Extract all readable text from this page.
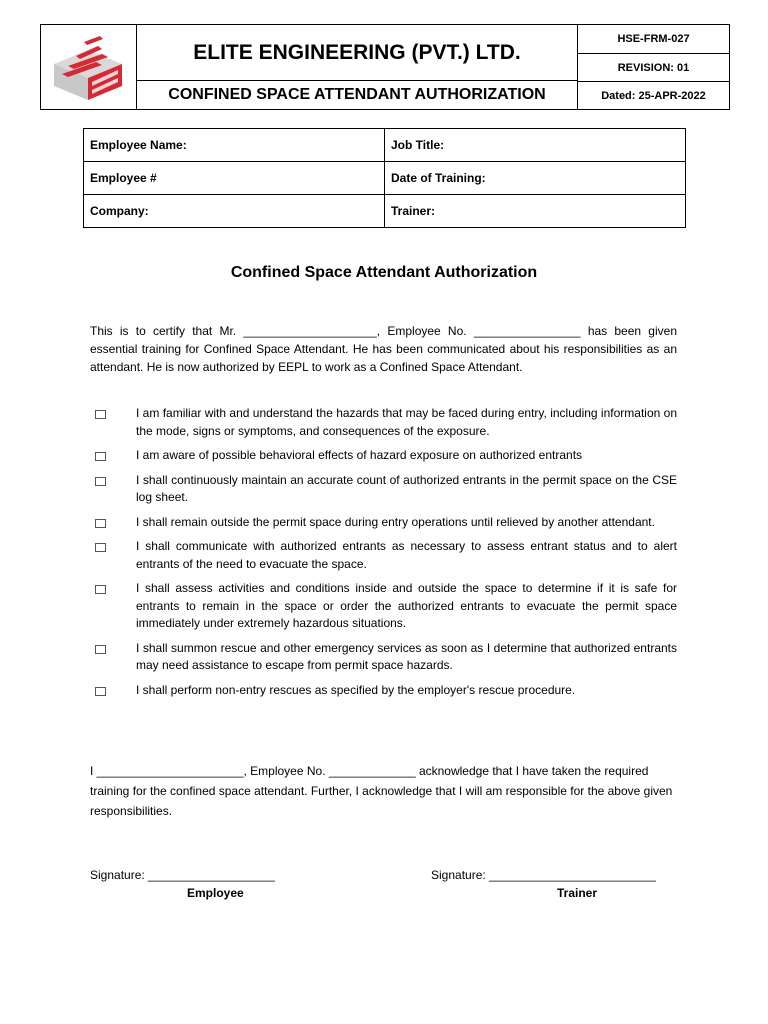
ELITE ENGINEERING (PVT.) LTD.
CONFINED SPACE ATTENDANT AUTHORIZATION
HSE-FRM-027
REVISION: 01
Dated: 25-APR-2022
Employee Name:	Job Title:
Employee #	Date of Training:
Company:	Trainer:
Confined Space Attendant Authorization
This is to certify that Mr. ____________________, Employee No. ________________ has been given essential training for Confined Space Attendant. He has been communicated about his responsibilities as an attendant. He is now authorized by EEPL to work as a Confined Space Attendant.
I am familiar with and understand the hazards that may be faced during entry, including information on the mode, signs or symptoms, and consequences of the exposure.
I am aware of possible behavioral effects of hazard exposure on authorized entrants
I shall continuously maintain an accurate count of authorized entrants in the permit space on the CSE log sheet.
I shall remain outside the permit space during entry operations until relieved by another attendant.
I shall communicate with authorized entrants as necessary to assess entrant status and to alert entrants of the need to evacuate the space.
I shall assess activities and conditions inside and outside the space to determine if it is safe for entrants to remain in the space or order the authorized entrants to evacuate the permit space immediately under extremely hazardous situations.
I shall summon rescue and other emergency services as soon as I determine that authorized entrants may need assistance to escape from permit space hazards.
I shall perform non-entry rescues as specified by the employer's rescue procedure.
I ______________________, Employee No. _____________ acknowledge that I have taken the required training for the confined space attendant. Further, I acknowledge that I will am responsible for the above given responsibilities.
Signature: ___________________
Employee
Signature: _________________________
Trainer
